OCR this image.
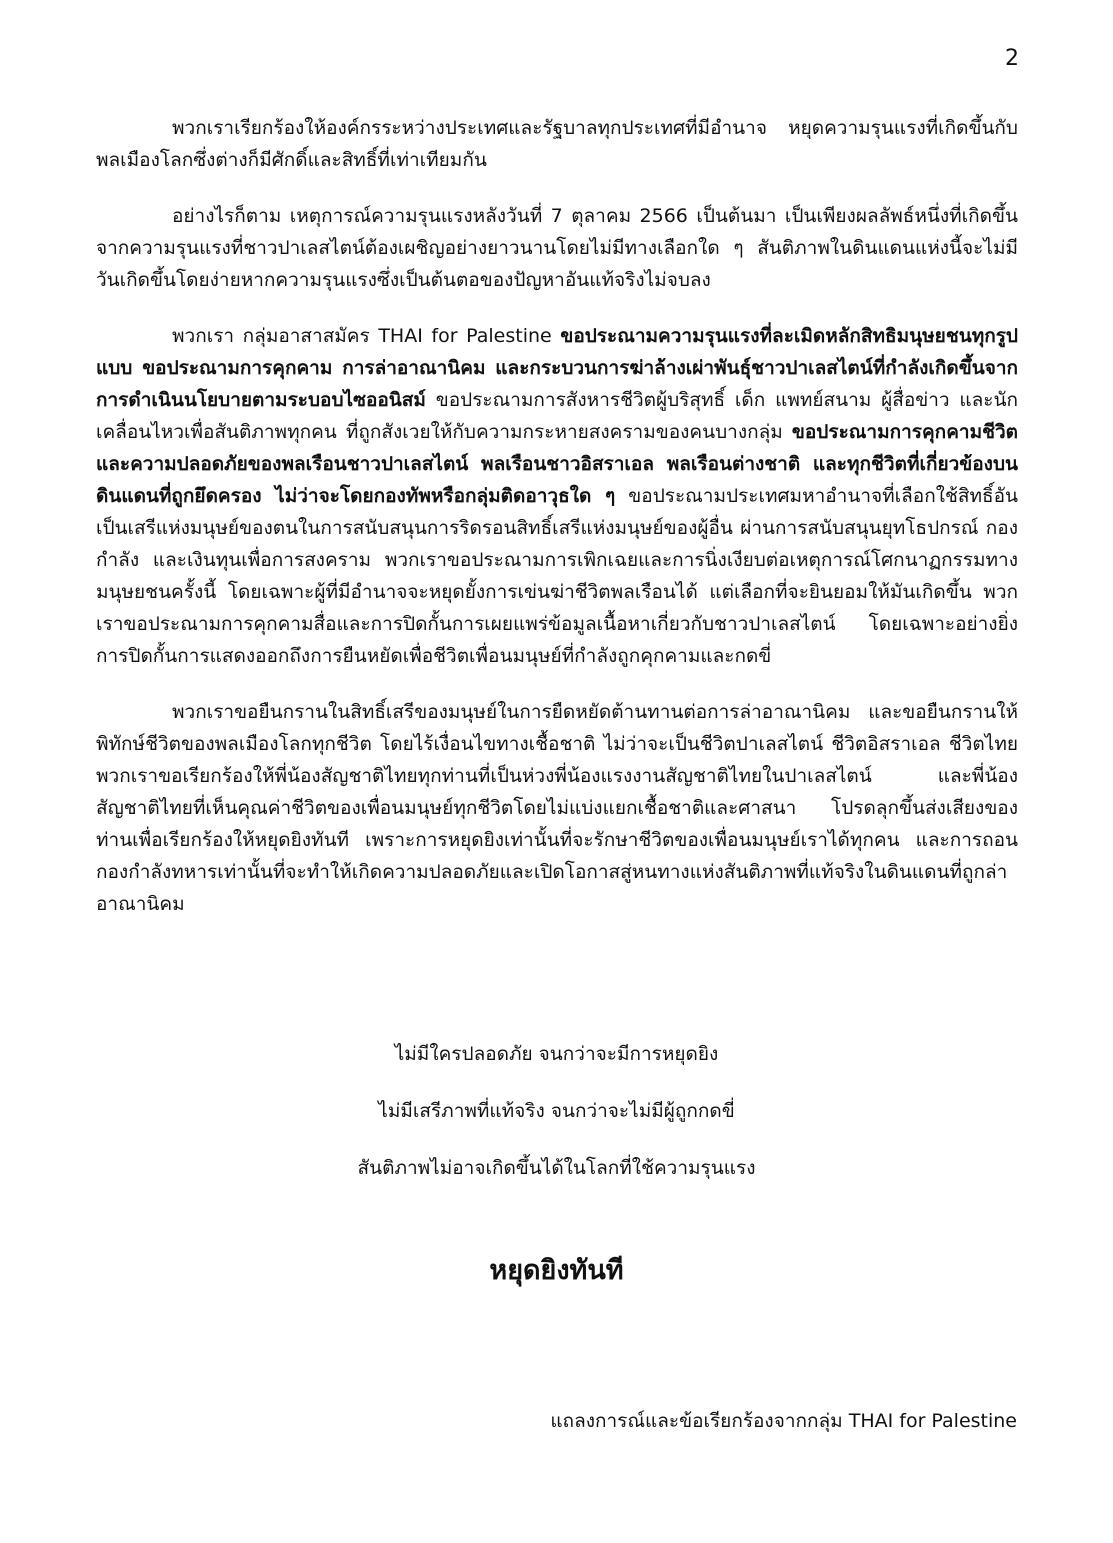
2

พวกเราเรียกร้องให้องค์กรระหว่างประเทศและรัฐบาลทุกประเทศที่มีอำนาจ หยุดความรุนแรงที่เกิดขึ้นกับพลเมืองโลกซึ่งต่างก็มีศักดิ์และสิทธิ์ที่เท่าเทียมกัน

อย่างไรก็ตาม เหตุการณ์ความรุนแรงหลังวันที่ 7 ตุลาคม 2566 เป็นต้นมา เป็นเพียงผลลัพธ์หนึ่งที่เกิดขึ้นจากความรุนแรงที่ชาวปาเลสไตน์ต้องเผชิญอย่างยาวนานโดยไม่มีทางเลือกใด ๆ สันติภาพในดินแดนแห่งนี้จะไม่มีวันเกิดขึ้นโดยง่ายหากความรุนแรงซึ่งเป็นต้นตอของปัญหาอันแท้จริงไม่จบลง

พวกเรา กลุ่มอาสาสมัคร THAI for Palestine ขอประณามความรุนแรงที่ละเมิดหลักสิทธิมนุษยชนทุกรูปแบบ ขอประณามการคุกคาม การล่าอาณานิคม และกระบวนการฆ่าล้างเผ่าพันธุ์ชาวปาเลสไตน์ที่กำลังเกิดขึ้นจากการดำเนินนโยบายตามระบอบไซออนิสม์ ขอประณามการสังหารชีวิตผู้บริสุทธิ์ เด็ก แพทย์สนาม ผู้สื่อข่าว และนักเคลื่อนไหวเพื่อสันติภาพทุกคน ที่ถูกสังเวยให้กับความกระหายสงครามของคนบางกลุ่ม ขอประณามการคุกคามชีวิตและความปลอดภัยของพลเรือนชาวปาเลสไตน์ พลเรือนชาวอิสราเอล พลเรือนต่างชาติ และทุกชีวิตที่เกี่ยวข้องบนดินแดนที่ถูกยึดครอง ไม่ว่าจะโดยกองทัพหรือกลุ่มติดอาวุธใด ๆ ขอประณามประเทศมหาอำนาจที่เลือกใช้สิทธิ์อันเป็นเสรีแห่งมนุษย์ของตนในการสนับสนุนการริดรอนสิทธิ์เสรีแห่งมนุษย์ของผู้อื่น ผ่านการสนับสนุนยุทโธปกรณ์ กองกำลัง และเงินทุนเพื่อการสงคราม พวกเราขอประณามการเพิกเฉยและการนิ่งเงียบต่อเหตุการณ์โศกนาฏกรรมทางมนุษยชนครั้งนี้ โดยเฉพาะผู้ที่มีอำนาจจะหยุดยั้งการเข่นฆ่าชีวิตพลเรือนได้ แต่เลือกที่จะยินยอมให้มันเกิดขึ้น พวกเราขอประณามการคุกคามสื่อและการปิดกั้นการเผยแพร่ข้อมูลเนื้อหาเกี่ยวกับชาวปาเลสไตน์ โดยเฉพาะอย่างยิ่งการปิดกั้นการแสดงออกถึงการยืนหยัดเพื่อชีวิตเพื่อนมนุษย์ที่กำลังถูกคุกคามและกดขี่

พวกเราขอยืนกรานในสิทธิ์เสรีของมนุษย์ในการยืดหยัดต้านทานต่อการล่าอาณานิคม และขอยืนกรานให้พิทักษ์ชีวิตของพลเมืองโลกทุกชีวิต โดยไร้เงื่อนไขทางเชื้อชาติ ไม่ว่าจะเป็นชีวิตปาเลสไตน์ ชีวิตอิสราเอล ชีวิตไทย พวกเราขอเรียกร้องให้พี่น้องสัญชาติไทยทุกท่านที่เป็นห่วงพี่น้องแรงงานสัญชาติไทยในปาเลสไตน์ และพี่น้องสัญชาติไทยที่เห็นคุณค่าชีวิตของเพื่อนมนุษย์ทุกชีวิตโดยไม่แบ่งแยกเชื้อชาติและศาสนา โปรดลุกขึ้นส่งเสียงของท่านเพื่อเรียกร้องให้หยุดยิงทันที เพราะการหยุดยิงเท่านั้นที่จะรักษาชีวิตของเพื่อนมนุษย์เราได้ทุกคน และการถอนกองกำลังทหารเท่านั้นที่จะทำให้เกิดความปลอดภัยและเปิดโอกาสสู่หนทางแห่งสันติภาพที่แท้จริงในดินแดนที่ถูกล่าอาณานิคม

ไม่มีใครปลอดภัย จนกว่าจะมีการหยุดยิง
ไม่มีเสรีภาพที่แท้จริง จนกว่าจะไม่มีผู้ถูกกดขี่
สันติภาพไม่อาจเกิดขึ้นได้ในโลกที่ใช้ความรุนแรง
หยุดยิงทันที
แถลงการณ์และข้อเรียกร้องจากกลุ่ม THAI for Palestine
